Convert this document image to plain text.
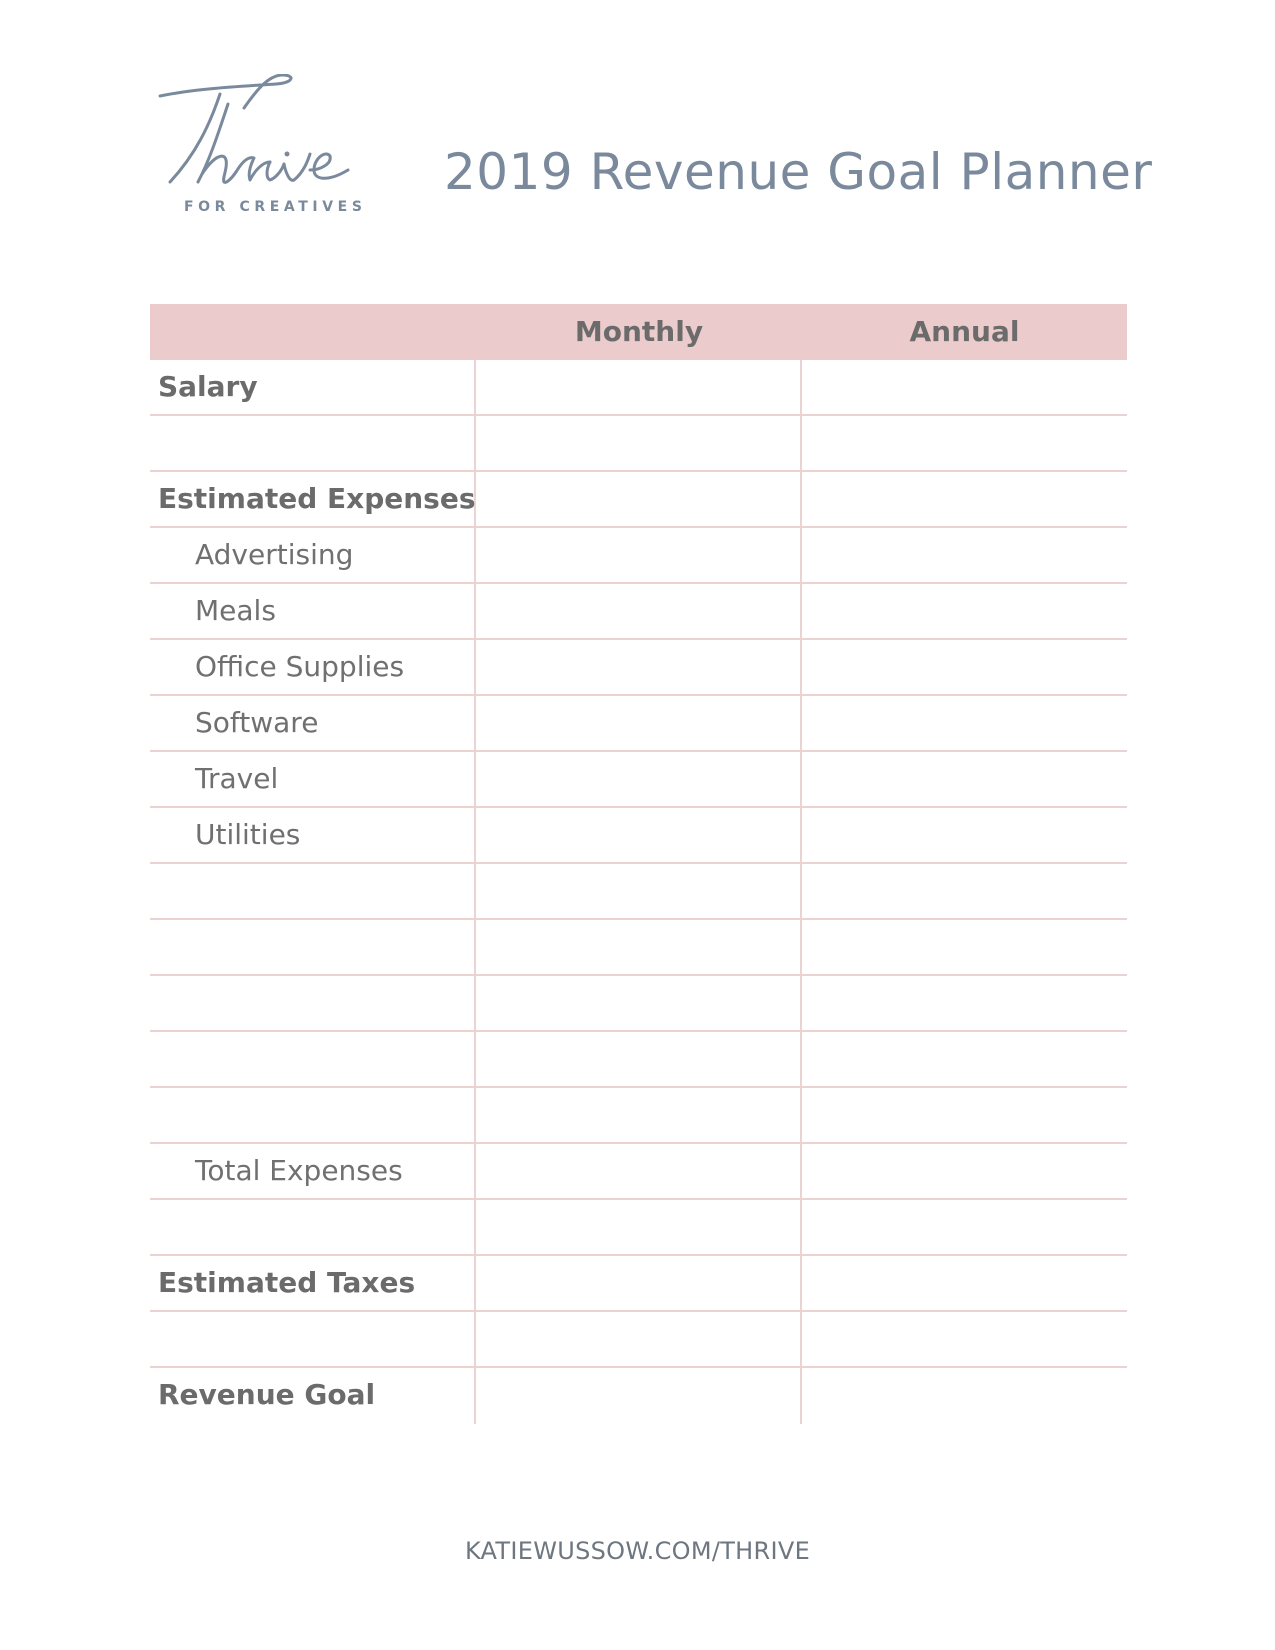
FOR CREATIVES
2019 Revenue Goal Planner
Monthly	Annual
Salary
Estimated Expenses
Advertising
Meals
Office Supplies
Software
Travel
Utilities
Total Expenses
Estimated Taxes
Revenue Goal
KATIEWUSSOW.COM/THRIVE
